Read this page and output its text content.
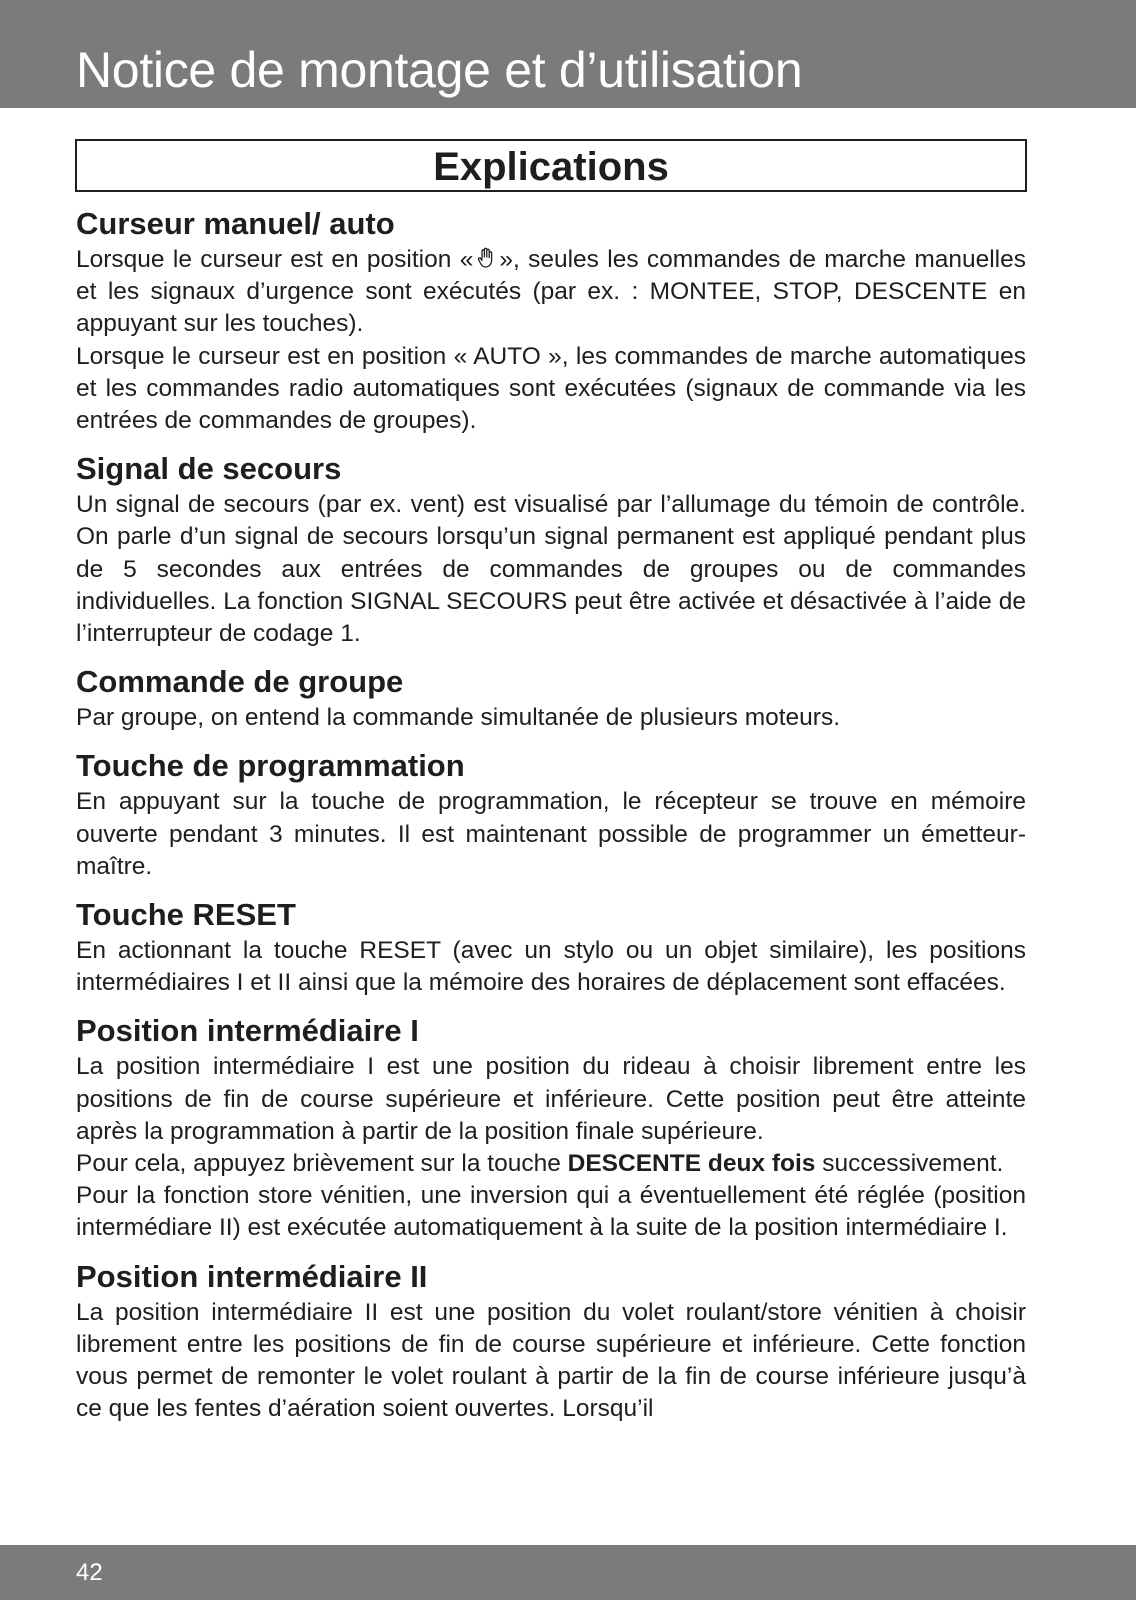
Notice de montage et d’utilisation
Explications
Curseur manuel/ auto

Lorsque le curseur est en position « », seules les commandes de marche manuelles et les signaux d’urgence sont exécutés (par ex. : MONTEE, STOP, DESCENTE en appuyant sur les touches).

Lorsque le curseur est en position « AUTO », les commandes de marche automatiques et les commandes radio automatiques sont exécutées (signaux de commande via les entrées de commandes de groupes).

Signal de secours

Un signal de secours (par ex. vent) est visualisé par l’allumage du témoin de contrôle. On parle d’un signal de secours lorsqu’un signal permanent est appliqué pendant plus de 5 secondes aux entrées de commandes de groupes ou de commandes individuelles. La fonction SIGNAL SECOURS peut être activée et désactivée à l’aide de l’interrupteur de codage 1.

Commande de groupe

Par groupe, on entend la commande simultanée de plusieurs moteurs.

Touche de programmation

En appuyant sur la touche de programmation, le récepteur se trouve en mémoire ouverte pendant 3 minutes. Il est maintenant possible de programmer un émetteur-maître.

Touche RESET

En actionnant la touche RESET (avec un stylo ou un objet similaire), les positions intermédiaires I et II ainsi que la mémoire des horaires de déplacement sont effacées.

Position intermédiaire I

La position intermédiaire I est une position du rideau à choisir librement entre les positions de fin de course supérieure et inférieure. Cette position peut être atteinte après la programmation à partir de la position finale supérieure.

Pour cela, appuyez brièvement sur la touche DESCENTE deux fois successivement.

Pour la fonction store vénitien, une inversion qui a éventuellement été réglée (position intermédiare II) est exécutée automatiquement à la suite de la position intermédiaire I.

Position intermédiaire II

La position intermédiaire II est une position du volet roulant/store vénitien à choisir librement entre les positions de fin de course supérieure et inférieure. Cette fonction vous permet de remonter le volet roulant à partir de la fin de course inférieure jusqu’à ce que les fentes d’aération soient ouvertes. Lorsqu’il

42
